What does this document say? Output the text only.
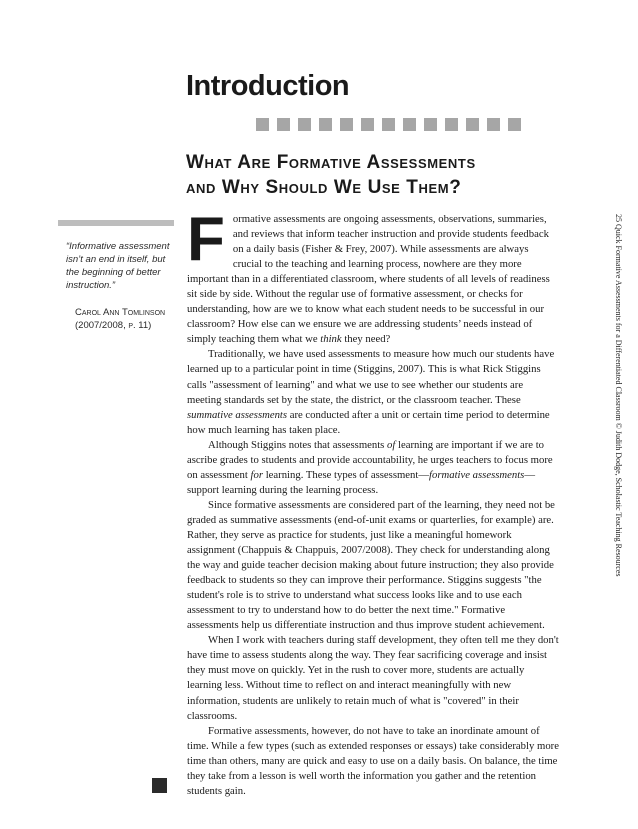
Introduction
What Are Formative Assessments
and Why Should We Use Them?
“Informative assessment isn’t an end in itself, but the beginning of better instruction.”
Carol Ann Tomlinson
(2007/2008, p. 11)

Formative assessments are ongoing assessments, observations, summaries, and reviews that inform teacher instruction and provide students feedback on a daily basis (Fisher & Frey, 2007). While assessments are always crucial to the teaching and learning process, nowhere are they more important than in a differentiated classroom, where students of all levels of readiness sit side by side. Without the regular use of formative assessment, or checks for understanding, how are we to know what each student needs to be successful in our classroom? How else can we ensure we are addressing students’ needs instead of simply teaching them what we think they need?

Traditionally, we have used assessments to measure how much our students have learned up to a particular point in time (Stiggins, 2007). This is what Rick Stiggins calls "assessment of learning" and what we use to see whether our students are meeting standards set by the state, the district, or the classroom teacher. These summative assessments are conducted after a unit or certain time period to determine how much learning has taken place.

Although Stiggins notes that assessments of learning are important if we are to ascribe grades to students and provide accountability, he urges teachers to focus more on assessment for learning. These types of assessment—formative assessments—support learning during the learning process.

Since formative assessments are considered part of the learning, they need not be graded as summative assessments (end-of-unit exams or quarterlies, for example) are. Rather, they serve as practice for students, just like a meaningful homework assignment (Chappuis & Chappuis, 2007/2008). They check for understanding along the way and guide teacher decision making about future instruction; they also provide feedback to students so they can improve their performance. Stiggins suggests "the student's role is to strive to understand what success looks like and to use each assessment to try to understand how to do better the next time." Formative assessments help us differentiate instruction and thus improve student achievement.

When I work with teachers during staff development, they often tell me they don't have time to assess students along the way. They fear sacrificing coverage and insist they must move on quickly. Yet in the rush to cover more, students are actually learning less. Without time to reflect on and interact meaningfully with new information, students are unlikely to retain much of what is "covered" in their classrooms.

Formative assessments, however, do not have to take an inordinate amount of time. While a few types (such as extended responses or essays) take considerably more time than others, many are quick and easy to use on a daily basis. On balance, the time they take from a lesson is well worth the information you gather and the retention students gain.

25 Quick Formative Assessments for a Differentiated Classroom © Judith Dodge, Scholastic Teaching Resources
